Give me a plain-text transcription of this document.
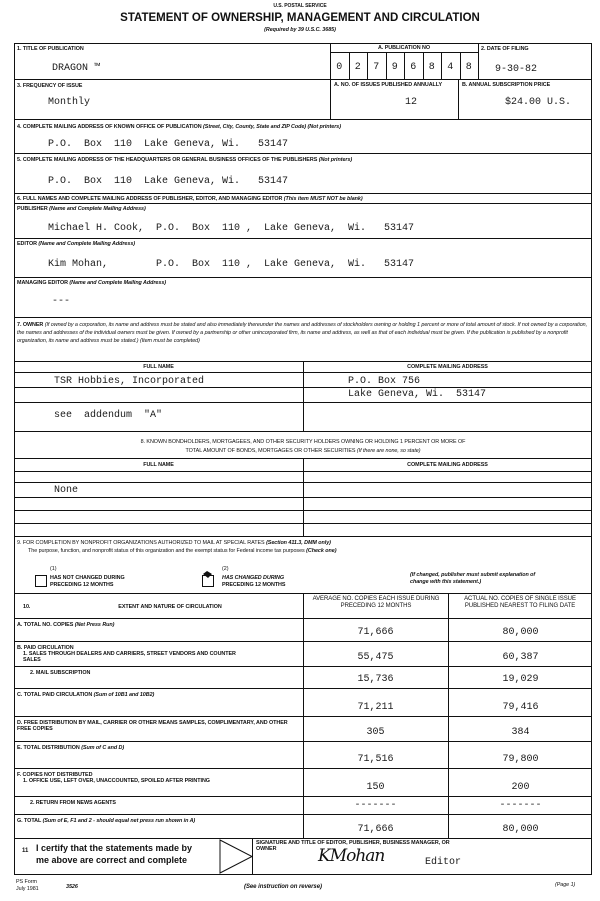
U.S. POSTAL SERVICE
STATEMENT OF OWNERSHIP, MANAGEMENT AND CIRCULATION
(Required by 39 U.S.C. 3685)
1. TITLE OF PUBLICATION
DRAGON ™
A. PUBLICATION NO
0	2	7	9	6	8	4	8
2. DATE OF FILING
9-30-82
3. FREQUENCY OF ISSUE
Monthly
A. NO. OF ISSUES PUBLISHED ANNUALLY
12
B. ANNUAL SUBSCRIPTION PRICE
$24.00 U.S.
4. COMPLETE MAILING ADDRESS OF KNOWN OFFICE OF PUBLICATION (Street, City, County, State and ZIP Code) (Not printers)
P.O.  Box  110  Lake Geneva, Wi.   53147
5. COMPLETE MAILING ADDRESS OF THE HEADQUARTERS OR GENERAL BUSINESS OFFICES OF THE PUBLISHERS (Not printers)
P.O.  Box  110  Lake Geneva, Wi.   53147
6. FULL NAMES AND COMPLETE MAILING ADDRESS OF PUBLISHER, EDITOR, AND MANAGING EDITOR (This item MUST NOT be blank)
PUBLISHER (Name and Complete Mailing Address)
Michael H. Cook,  P.O.  Box  110 ,  Lake Geneva,  Wi.   53147
EDITOR (Name and Complete Mailing Address)
Kim Mohan,        P.O.  Box  110 ,  Lake Geneva,  Wi.   53147
MANAGING EDITOR (Name and Complete Mailing Address)
---
7. OWNER (If owned by a corporation, its name and address must be stated and also immediately thereunder the names and addresses of stockholders owning or holding 1 percent or more of total amount of stock. If not owned by a corporation, the names and addresses of the individual owners must be given. If owned by a partnership or other unincorporated firm, its name and address, as well as that of each individual must be given. If the publication is published by a nonprofit organization, its name and address must be stated.) (Item must be completed)
FULL NAME	COMPLETE MAILING ADDRESS
TSR Hobbies, Incorporated	P.O. Box 756
Lake Geneva, Wi.  53147
see  addendum  "A"
8. KNOWN BONDHOLDERS, MORTGAGEES, AND OTHER SECURITY HOLDERS OWNING OR HOLDING 1 PERCENT OR MORE OF
TOTAL AMOUNT OF BONDS, MORTGAGES OR OTHER SECURITIES (If there are none, so state)
FULL NAME	COMPLETE MAILING ADDRESS
None
9. FOR COMPLETION BY NONPROFIT ORGANIZATIONS AUTHORIZED TO MAIL AT SPECIAL RATES (Section 411.3, DMM only)
The purpose, function, and nonprofit status of this organization and the exempt status for Federal income tax purposes (Check one)
(1)
HAS NOT CHANGED DURING
PRECEDING 12 MONTHS
(2)
HAS CHANGED DURING
PRECEDING 12 MONTHS
(If changed, publisher must submit explanation of
change with this statement.)
10.	EXTENT AND NATURE OF CIRCULATION
AVERAGE NO. COPIES EACH ISSUE DURING PRECEDING 12 MONTHS
ACTUAL NO. COPIES OF SINGLE ISSUE PUBLISHED NEAREST TO FILING DATE
A. TOTAL NO. COPIES (Net Press Run)
71,666	80,000
B. PAID CIRCULATION
1. SALES THROUGH DEALERS AND CARRIERS, STREET VENDORS AND COUNTER SALES	55,475	60,387
2. MAIL SUBSCRIPTION
15,736	19,029
C. TOTAL PAID CIRCULATION (Sum of 10B1 and 10B2)
71,211	79,416
D. FREE DISTRIBUTION BY MAIL, CARRIER OR OTHER MEANS SAMPLES, COMPLIMENTARY, AND OTHER FREE COPIES	305	384
E. TOTAL DISTRIBUTION (Sum of C and D)
71,516	79,800
F. COPIES NOT DISTRIBUTED
1. OFFICE USE, LEFT OVER, UNACCOUNTED, SPOILED AFTER PRINTING
150	200
2. RETURN FROM NEWS AGENTS	-------	-------
G. TOTAL (Sum of E, F1 and 2 - should equal net press run shown in A)
71,666	80,000
11 I certify that the statements made by
me above are correct and complete
SIGNATURE AND TITLE OF EDITOR, PUBLISHER, BUSINESS MANAGER, OR OWNER	KMohan	Editor
PS Form
July 1981	3526	(See instruction on reverse)	(Page 1)
